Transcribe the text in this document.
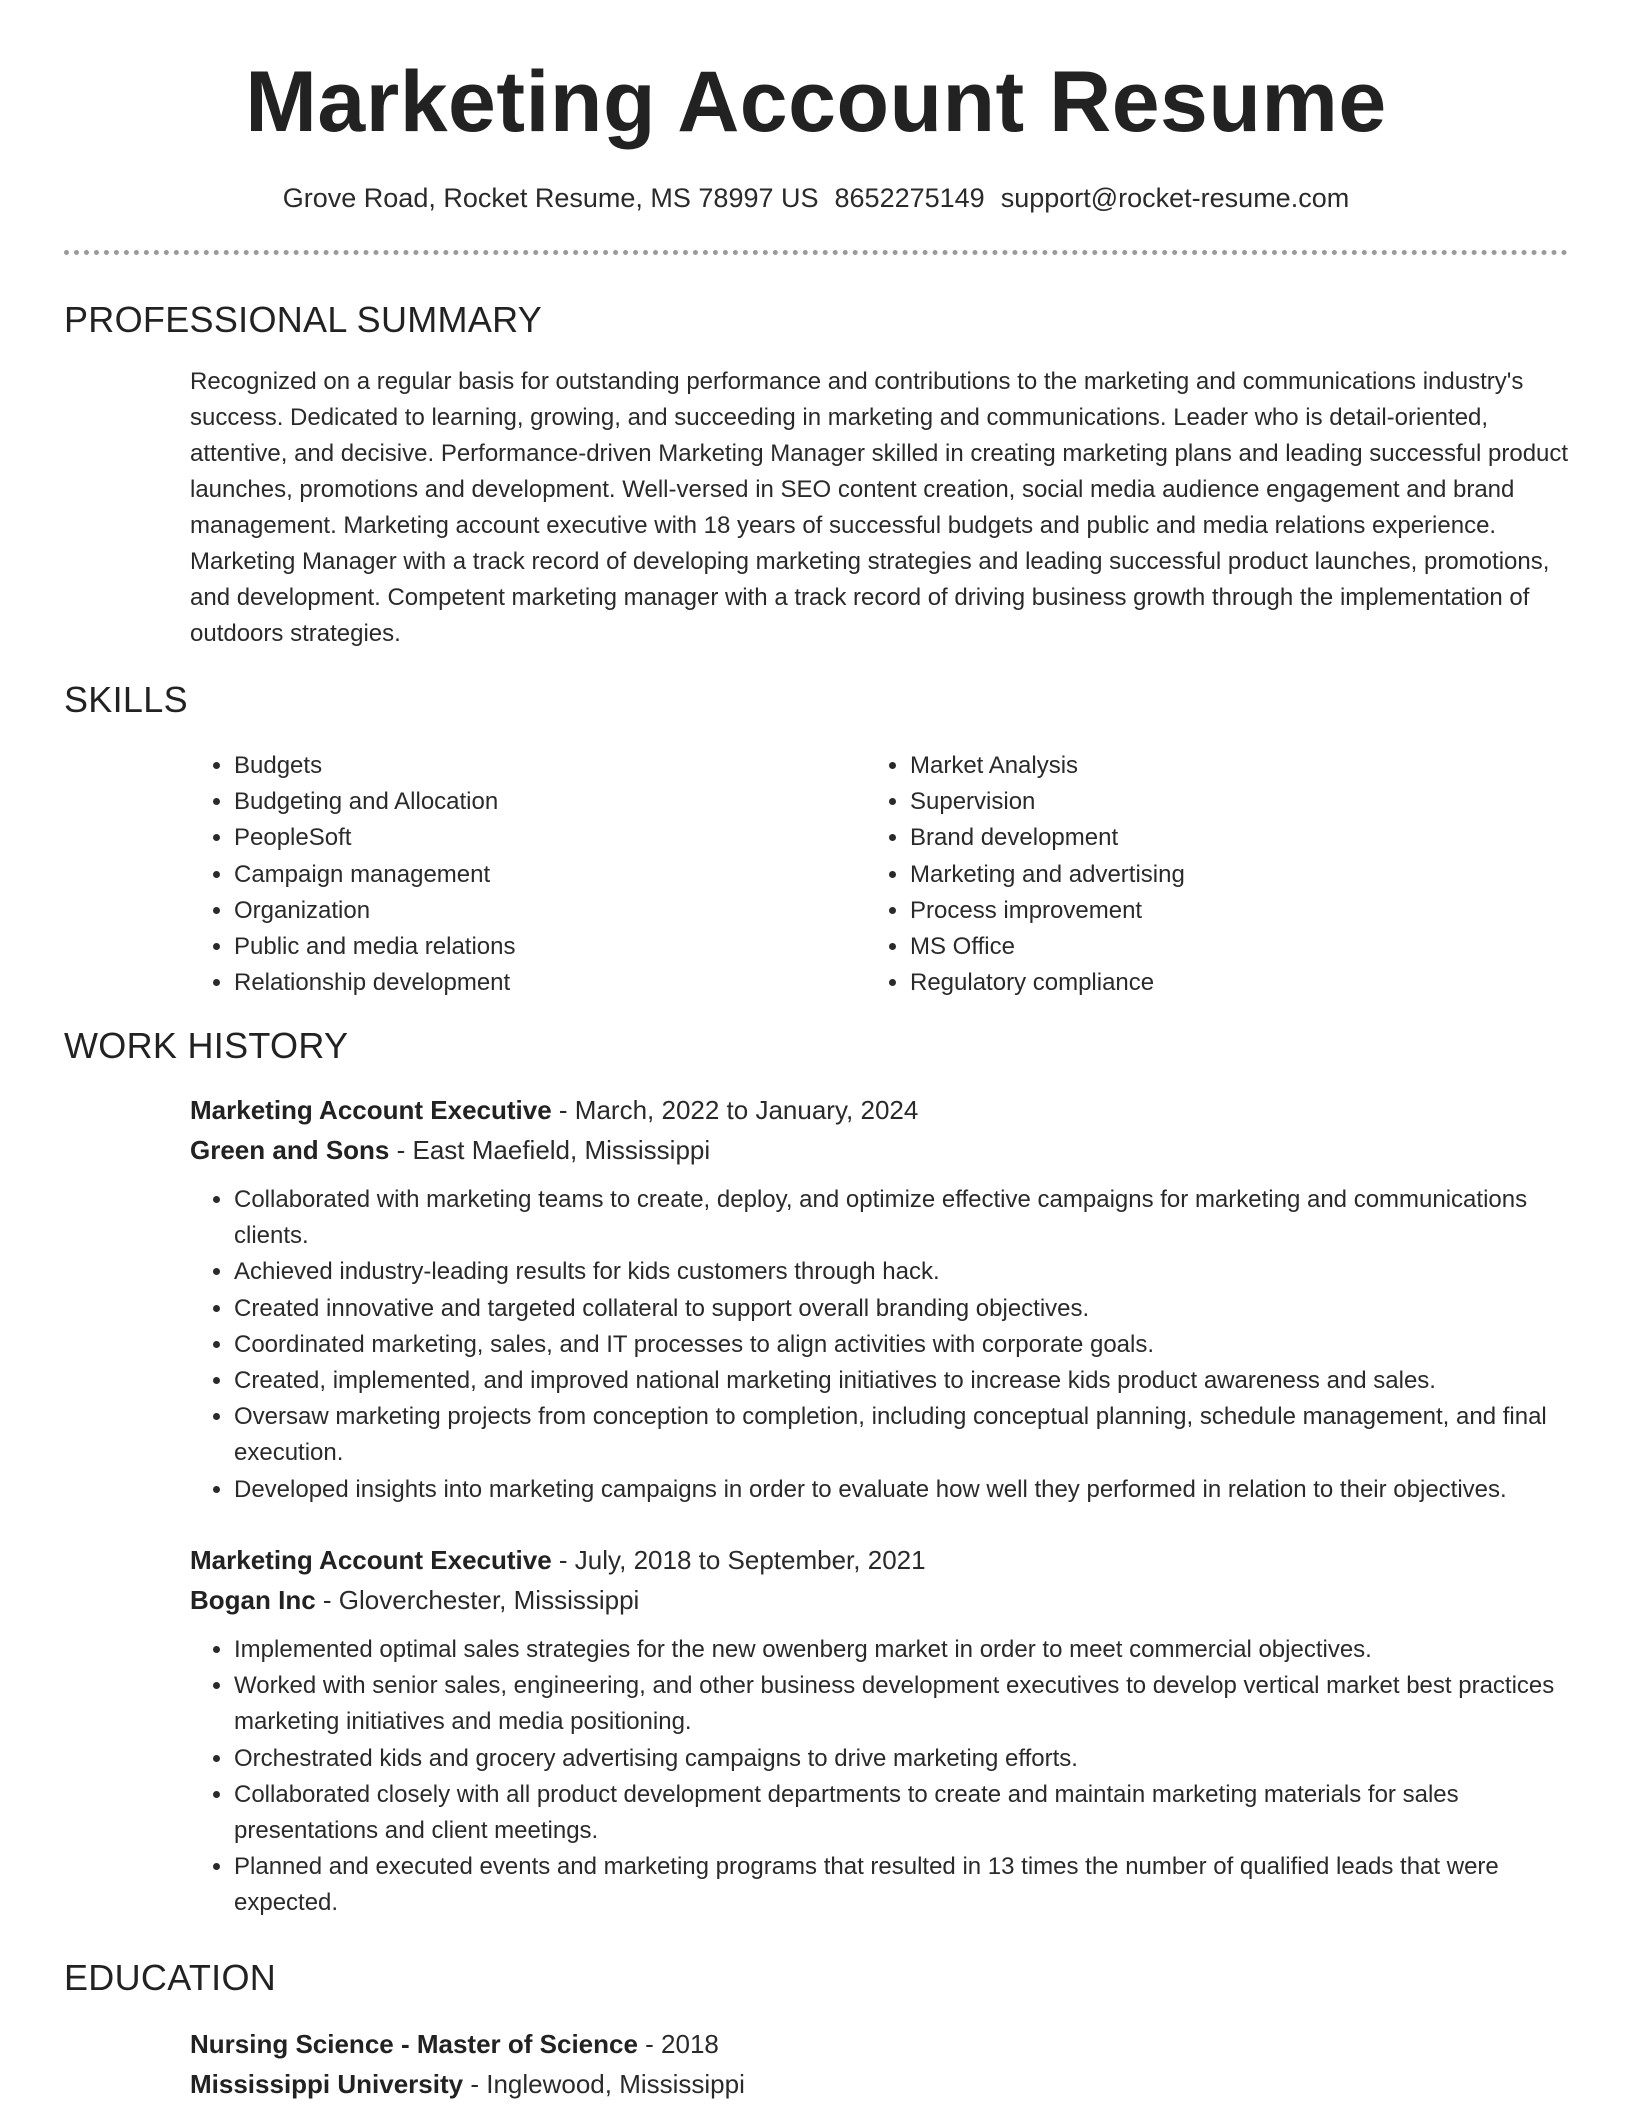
Marketing Account Resume
Grove Road, Rocket Resume, MS 78997 US 8652275149 support@rocket-resume.com
PROFESSIONAL SUMMARY

Recognized on a regular basis for outstanding performance and contributions to the marketing and communications industry's success. Dedicated to learning, growing, and succeeding in marketing and communications. Leader who is detail-oriented, attentive, and decisive. Performance-driven Marketing Manager skilled in creating marketing plans and leading successful product launches, promotions and development. Well-versed in SEO content creation, social media audience engagement and brand management. Marketing account executive with 18 years of successful budgets and public and media relations experience. Marketing Manager with a track record of developing marketing strategies and leading successful product launches, promotions, and development. Competent marketing manager with a track record of driving business growth through the implementation of outdoors strategies.

SKILLS
• Budgets
• Budgeting and Allocation
• PeopleSoft
• Campaign management
• Organization
• Public and media relations
• Relationship development
• Market Analysis
• Supervision
• Brand development
• Marketing and advertising
• Process improvement
• MS Office
• Regulatory compliance
WORK HISTORY
Marketing Account Executive - March, 2022 to January, 2024
Green and Sons - East Maefield, Mississippi
• Collaborated with marketing teams to create, deploy, and optimize effective campaigns for marketing and communications clients.
• Achieved industry-leading results for kids customers through hack.
• Created innovative and targeted collateral to support overall branding objectives.
• Coordinated marketing, sales, and IT processes to align activities with corporate goals.
• Created, implemented, and improved national marketing initiatives to increase kids product awareness and sales.
• Oversaw marketing projects from conception to completion, including conceptual planning, schedule management, and final execution.
• Developed insights into marketing campaigns in order to evaluate how well they performed in relation to their objectives.
Marketing Account Executive - July, 2018 to September, 2021
Bogan Inc - Gloverchester, Mississippi
• Implemented optimal sales strategies for the new owenberg market in order to meet commercial objectives.
• Worked with senior sales, engineering, and other business development executives to develop vertical market best practices marketing initiatives and media positioning.
• Orchestrated kids and grocery advertising campaigns to drive marketing efforts.
• Collaborated closely with all product development departments to create and maintain marketing materials for sales presentations and client meetings.
• Planned and executed events and marketing programs that resulted in 13 times the number of qualified leads that were expected.
EDUCATION
Nursing Science - Master of Science - 2018
Mississippi University - Inglewood, Mississippi
